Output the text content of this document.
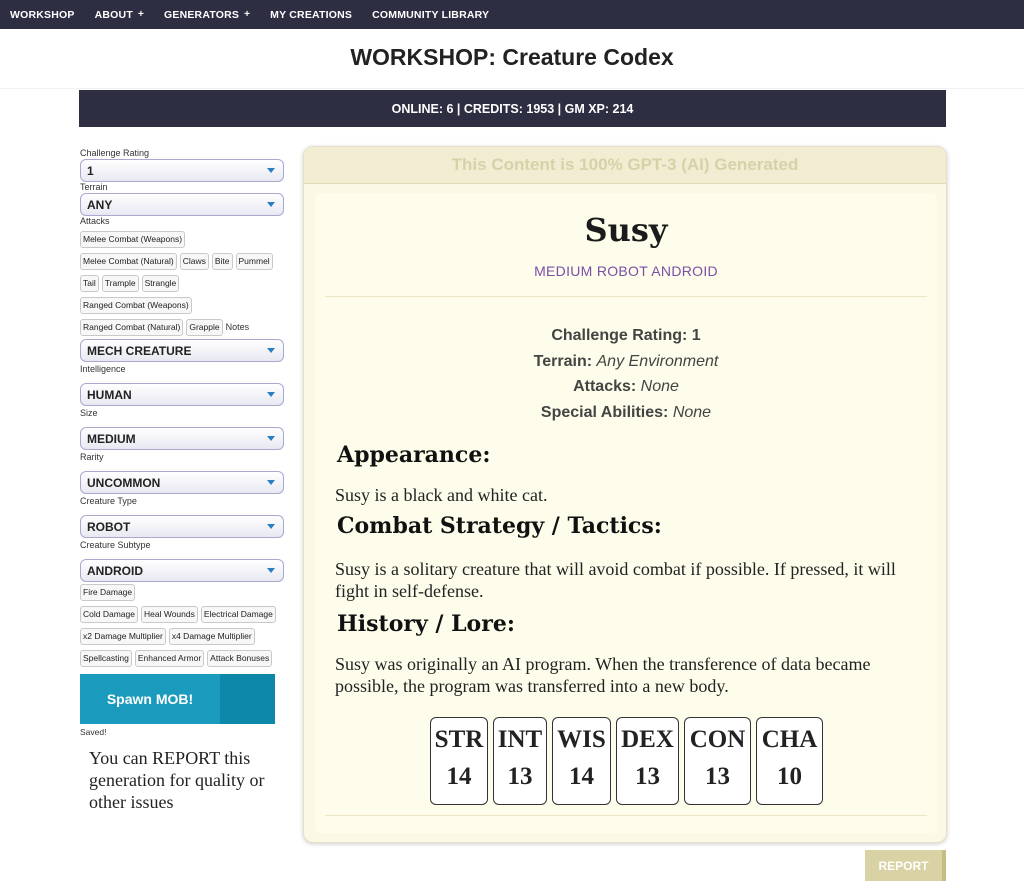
WORKSHOP ABOUT + GENERATORS + MY CREATIONS COMMUNITY LIBRARY
WORKSHOP: Creature Codex
ONLINE: 6 | CREDITS: 1953 | GM XP: 214
Challenge Rating
1
Terrain
ANY
Attacks
Melee Combat (Weapons)
Melee Combat (Natural)	Claws	Bite	Pummel
Tail	Trample	Strangle
Ranged Combat (Weapons)
Ranged Combat (Natural)	Grapple Notes
MECH CREATURE
Intelligence
HUMAN
Size
MEDIUM
Rarity
UNCOMMON
Creature Type
ROBOT
Creature Subtype
ANDROID
Fire Damage
Cold Damage	Heal Wounds	Electrical Damage
x2 Damage Multiplier	x4 Damage Multiplier
Spellcasting	Enhanced Armor	Attack Bonuses
Spawn MOB!
Saved!
You can REPORT this generation for quality or other issues
This Content is 100% GPT-3 (AI) Generated
Susy
MEDIUM ROBOT ANDROID
Challenge Rating: 1
Terrain: Any Environment
Attacks: None
Special Abilities: None
Appearance:
Susy is a black and white cat.
Combat Strategy / Tactics:
Susy is a solitary creature that will avoid combat if possible. If pressed, it will fight in self-defense.
History / Lore:
Susy was originally an AI program. When the transference of data became possible, the program was transferred into a new body.
STR
14
INT
13
WIS
14
DEX
13
CON
13
CHA
10
REPORT
